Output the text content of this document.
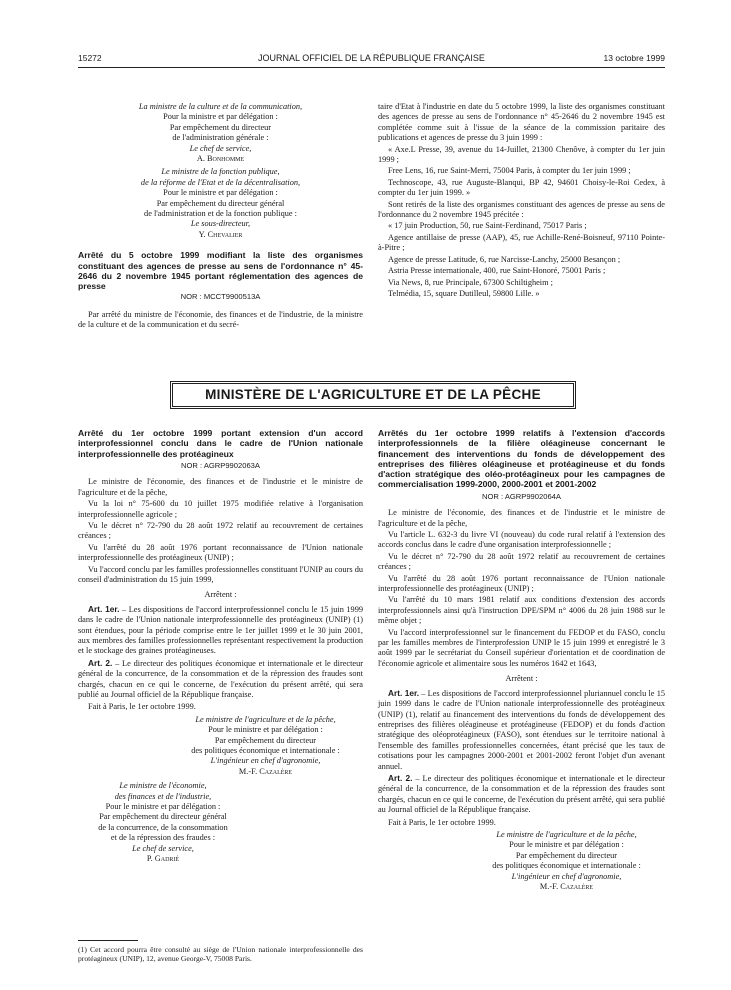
15272	JOURNAL OFFICIEL DE LA RÉPUBLIQUE FRANÇAISE	13 octobre 1999

La ministre de la culture et de la communication,

Pour la ministre et par délégation :

Par empêchement du directeur

de l'administration générale :

Le chef de service,

A. Bonhomme

Le ministre de la fonction publique,

de la réforme de l'Etat et de la décentralisation,

Pour le ministre et par délégation :

Par empêchement du directeur général

de l'administration et de la fonction publique :

Le sous-directeur,

Y. Chevalier

Arrêté du 5 octobre 1999 modifiant la liste des organismes constituant des agences de presse au sens de l'ordonnance n° 45-2646 du 2 novembre 1945 portant réglementation des agences de presse

NOR : MCCT9900513A

Par arrêté du ministre de l'économie, des finances et de l'industrie, de la ministre de la culture et de la communication et du secré-

taire d'Etat à l'industrie en date du 5 octobre 1999, la liste des organismes constituant des agences de presse au sens de l'ordonnance n° 45-2646 du 2 novembre 1945 est complétée comme suit à l'issue de la séance de la commission paritaire des publications et agences de presse du 3 juin 1999 :

« Axe.L Presse, 39, avenue du 14-Juillet, 21300 Chenôve, à compter du 1er juin 1999 ;

Free Lens, 16, rue Saint-Merri, 75004 Paris, à compter du 1er juin 1999 ;

Technoscope, 43, rue Auguste-Blanqui, BP 42, 94601 Choisy-le-Roi Cedex, à compter du 1er juin 1999. »

Sont retirés de la liste des organismes constituant des agences de presse au sens de l'ordonnance du 2 novembre 1945 précitée :

« 17 juin Production, 50, rue Saint-Ferdinand, 75017 Paris ;

Agence antillaise de presse (AAP), 45, rue Achille-René-Boisneuf, 97110 Pointe-à-Pitre ;

Agence de presse Latitude, 6, rue Narcisse-Lanchy, 25000 Besançon ;

Astria Presse internationale, 400, rue Saint-Honoré, 75001 Paris ;

Via News, 8, rue Principale, 67300 Schiltigheim ;

Telmédia, 15, square Dutilleul, 59800 Lille. »

MINISTÈRE DE L'AGRICULTURE ET DE LA PÊCHE

Arrêté du 1er octobre 1999 portant extension d'un accord interprofessionnel conclu dans le cadre de l'Union nationale interprofessionnelle des protéagineux

NOR : AGRP9902063A

Le ministre de l'économie, des finances et de l'industrie et le ministre de l'agriculture et de la pêche,

Vu la loi n° 75-600 du 10 juillet 1975 modifiée relative à l'organisation interprofessionnelle agricole ;

Vu le décret n° 72-790 du 28 août 1972 relatif au recouvrement de certaines créances ;

Vu l'arrêté du 28 août 1976 portant reconnaissance de l'Union nationale interprofessionnelle des protéagineux (UNIP) ;

Vu l'accord conclu par les familles professionnelles constituant l'UNIP au cours du conseil d'administration du 15 juin 1999,

Arrêtent :

Art. 1er. – Les dispositions de l'accord interprofessionnel conclu le 15 juin 1999 dans le cadre de l'Union nationale interprofessionnelle des protéagineux (UNIP) (1) sont étendues, pour la période comprise entre le 1er juillet 1999 et le 30 juin 2001, aux membres des familles professionnelles représentant respectivement la production et le stockage des graines protéagineuses.

Art. 2. – Le directeur des politiques économique et internationale et le directeur général de la concurrence, de la consommation et de la répression des fraudes sont chargés, chacun en ce qui le concerne, de l'exécution du présent arrêté, qui sera publié au Journal officiel de la République française.

Fait à Paris, le 1er octobre 1999.

Le ministre de l'agriculture et de la pêche,

Pour le ministre et par délégation :

Par empêchement du directeur

des politiques économique et internationale :

L'ingénieur en chef d'agronomie,

M.-F. Cazalère

Le ministre de l'économie,

des finances et de l'industrie,

Pour le ministre et par délégation :

Par empêchement du directeur général

de la concurrence, de la consommation

et de la répression des fraudes :

Le chef de service,

P. Gadrié

(1) Cet accord pourra être consulté au siège de l'Union nationale interprofessionnelle des protéagineux (UNIP), 12, avenue George-V, 75008 Paris.

Arrêtés du 1er octobre 1999 relatifs à l'extension d'accords interprofessionnels de la filière oléagineuse concernant le financement des interventions du fonds de développement des entreprises des filières oléagineuse et protéagineuse et du fonds d'action stratégique des oléo-protéagineux pour les campagnes de commercialisation 1999-2000, 2000-2001 et 2001-2002

NOR : AGRP9902064A

Le ministre de l'économie, des finances et de l'industrie et le ministre de l'agriculture et de la pêche,

Vu l'article L. 632-3 du livre VI (nouveau) du code rural relatif à l'extension des accords conclus dans le cadre d'une organisation interprofessionnelle ;

Vu le décret n° 72-790 du 28 août 1972 relatif au recouvrement de certaines créances ;

Vu l'arrêté du 28 août 1976 portant reconnaissance de l'Union nationale interprofessionnelle des protéagineux (UNIP) ;

Vu l'arrêté du 10 mars 1981 relatif aux conditions d'extension des accords interprofessionnels ainsi qu'à l'instruction DPE/SPM n° 4006 du 28 juin 1988 sur le même objet ;

Vu l'accord interprofessionnel sur le financement du FEDOP et du FASO, conclu par les familles membres de l'interprofession UNIP le 15 juin 1999 et enregistré le 3 août 1999 par le secrétariat du Conseil supérieur d'orientation et de coordination de l'économie agricole et alimentaire sous les numéros 1642 et 1643,

Arrêtent :

Art. 1er. – Les dispositions de l'accord interprofessionnel pluriannuel conclu le 15 juin 1999 dans le cadre de l'Union nationale interprofessionnelle des protéagineux (UNIP) (1), relatif au financement des interventions du fonds de développement des entreprises des filières oléagineuse et protéagineuse (FEDOP) et du fonds d'action stratégique des oléoprotéagineux (FASO), sont étendues sur le territoire national à l'ensemble des familles professionnelles concernées, étant précisé que les taux de cotisations pour les campagnes 2000-2001 et 2001-2002 feront l'objet d'un avenant annuel.

Art. 2. – Le directeur des politiques économique et internationale et le directeur général de la concurrence, de la consommation et de la répression des fraudes sont chargés, chacun en ce qui le concerne, de l'exécution du présent arrêté, qui sera publié au Journal officiel de la République française.

Fait à Paris, le 1er octobre 1999.

Le ministre de l'agriculture et de la pêche,

Pour le ministre et par délégation :

Par empêchement du directeur

des politiques économique et internationale :

L'ingénieur en chef d'agronomie,

M.-F. Cazalère
